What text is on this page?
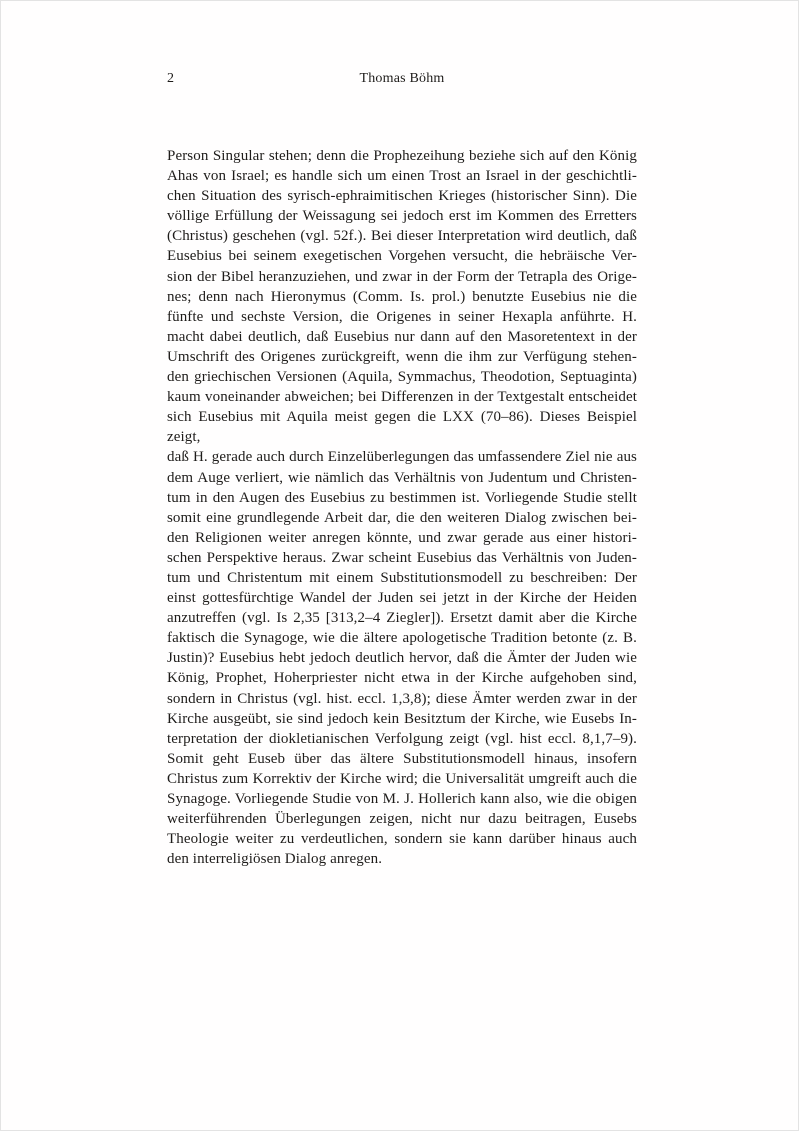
2	Thomas Böhm
Person Singular stehen; denn die Prophezeihung beziehe sich auf den König
Ahas von Israel; es handle sich um einen Trost an Israel in der geschichtli-
chen Situation des syrisch-ephraimitischen Krieges (historischer Sinn). Die
völlige Erfüllung der Weissagung sei jedoch erst im Kommen des Erretters
(Christus) geschehen (vgl. 52f.). Bei dieser Interpretation wird deutlich, daß
Eusebius bei seinem exegetischen Vorgehen versucht, die hebräische Ver-
sion der Bibel heranzuziehen, und zwar in der Form der Tetrapla des Orige-
nes; denn nach Hieronymus (Comm. Is. prol.) benutzte Eusebius nie die
fünfte und sechste Version, die Origenes in seiner Hexapla anführte. H.
macht dabei deutlich, daß Eusebius nur dann auf den Masoretentext in der
Umschrift des Origenes zurückgreift, wenn die ihm zur Verfügung stehen-
den griechischen Versionen (Aquila, Symmachus, Theodotion, Septuaginta)
kaum voneinander abweichen; bei Differenzen in der Textgestalt entscheidet
sich Eusebius mit Aquila meist gegen die LXX (70–86). Dieses Beispiel zeigt,
daß H. gerade auch durch Einzelüberlegungen das umfassendere Ziel nie aus
dem Auge verliert, wie nämlich das Verhältnis von Judentum und Christen-
tum in den Augen des Eusebius zu bestimmen ist. Vorliegende Studie stellt
somit eine grundlegende Arbeit dar, die den weiteren Dialog zwischen bei-
den Religionen weiter anregen könnte, und zwar gerade aus einer histori-
schen Perspektive heraus. Zwar scheint Eusebius das Verhältnis von Juden-
tum und Christentum mit einem Substitutionsmodell zu beschreiben: Der
einst gottesfürchtige Wandel der Juden sei jetzt in der Kirche der Heiden
anzutreffen (vgl. Is 2,35 [313,2–4 Ziegler]). Ersetzt damit aber die Kirche
faktisch die Synagoge, wie die ältere apologetische Tradition betonte (z. B.
Justin)? Eusebius hebt jedoch deutlich hervor, daß die Ämter der Juden wie
König, Prophet, Hoherpriester nicht etwa in der Kirche aufgehoben sind,
sondern in Christus (vgl. hist. eccl. 1,3,8); diese Ämter werden zwar in der
Kirche ausgeübt, sie sind jedoch kein Besitztum der Kirche, wie Eusebs In-
terpretation der diokletianischen Verfolgung zeigt (vgl. hist eccl. 8,1,7–9).
Somit geht Euseb über das ältere Substitutionsmodell hinaus, insofern
Christus zum Korrektiv der Kirche wird; die Universalität umgreift auch die
Synagoge. Vorliegende Studie von M. J. Hollerich kann also, wie die obigen
weiterführenden Überlegungen zeigen, nicht nur dazu beitragen, Eusebs
Theologie weiter zu verdeutlichen, sondern sie kann darüber hinaus auch
den interreligiösen Dialog anregen.
